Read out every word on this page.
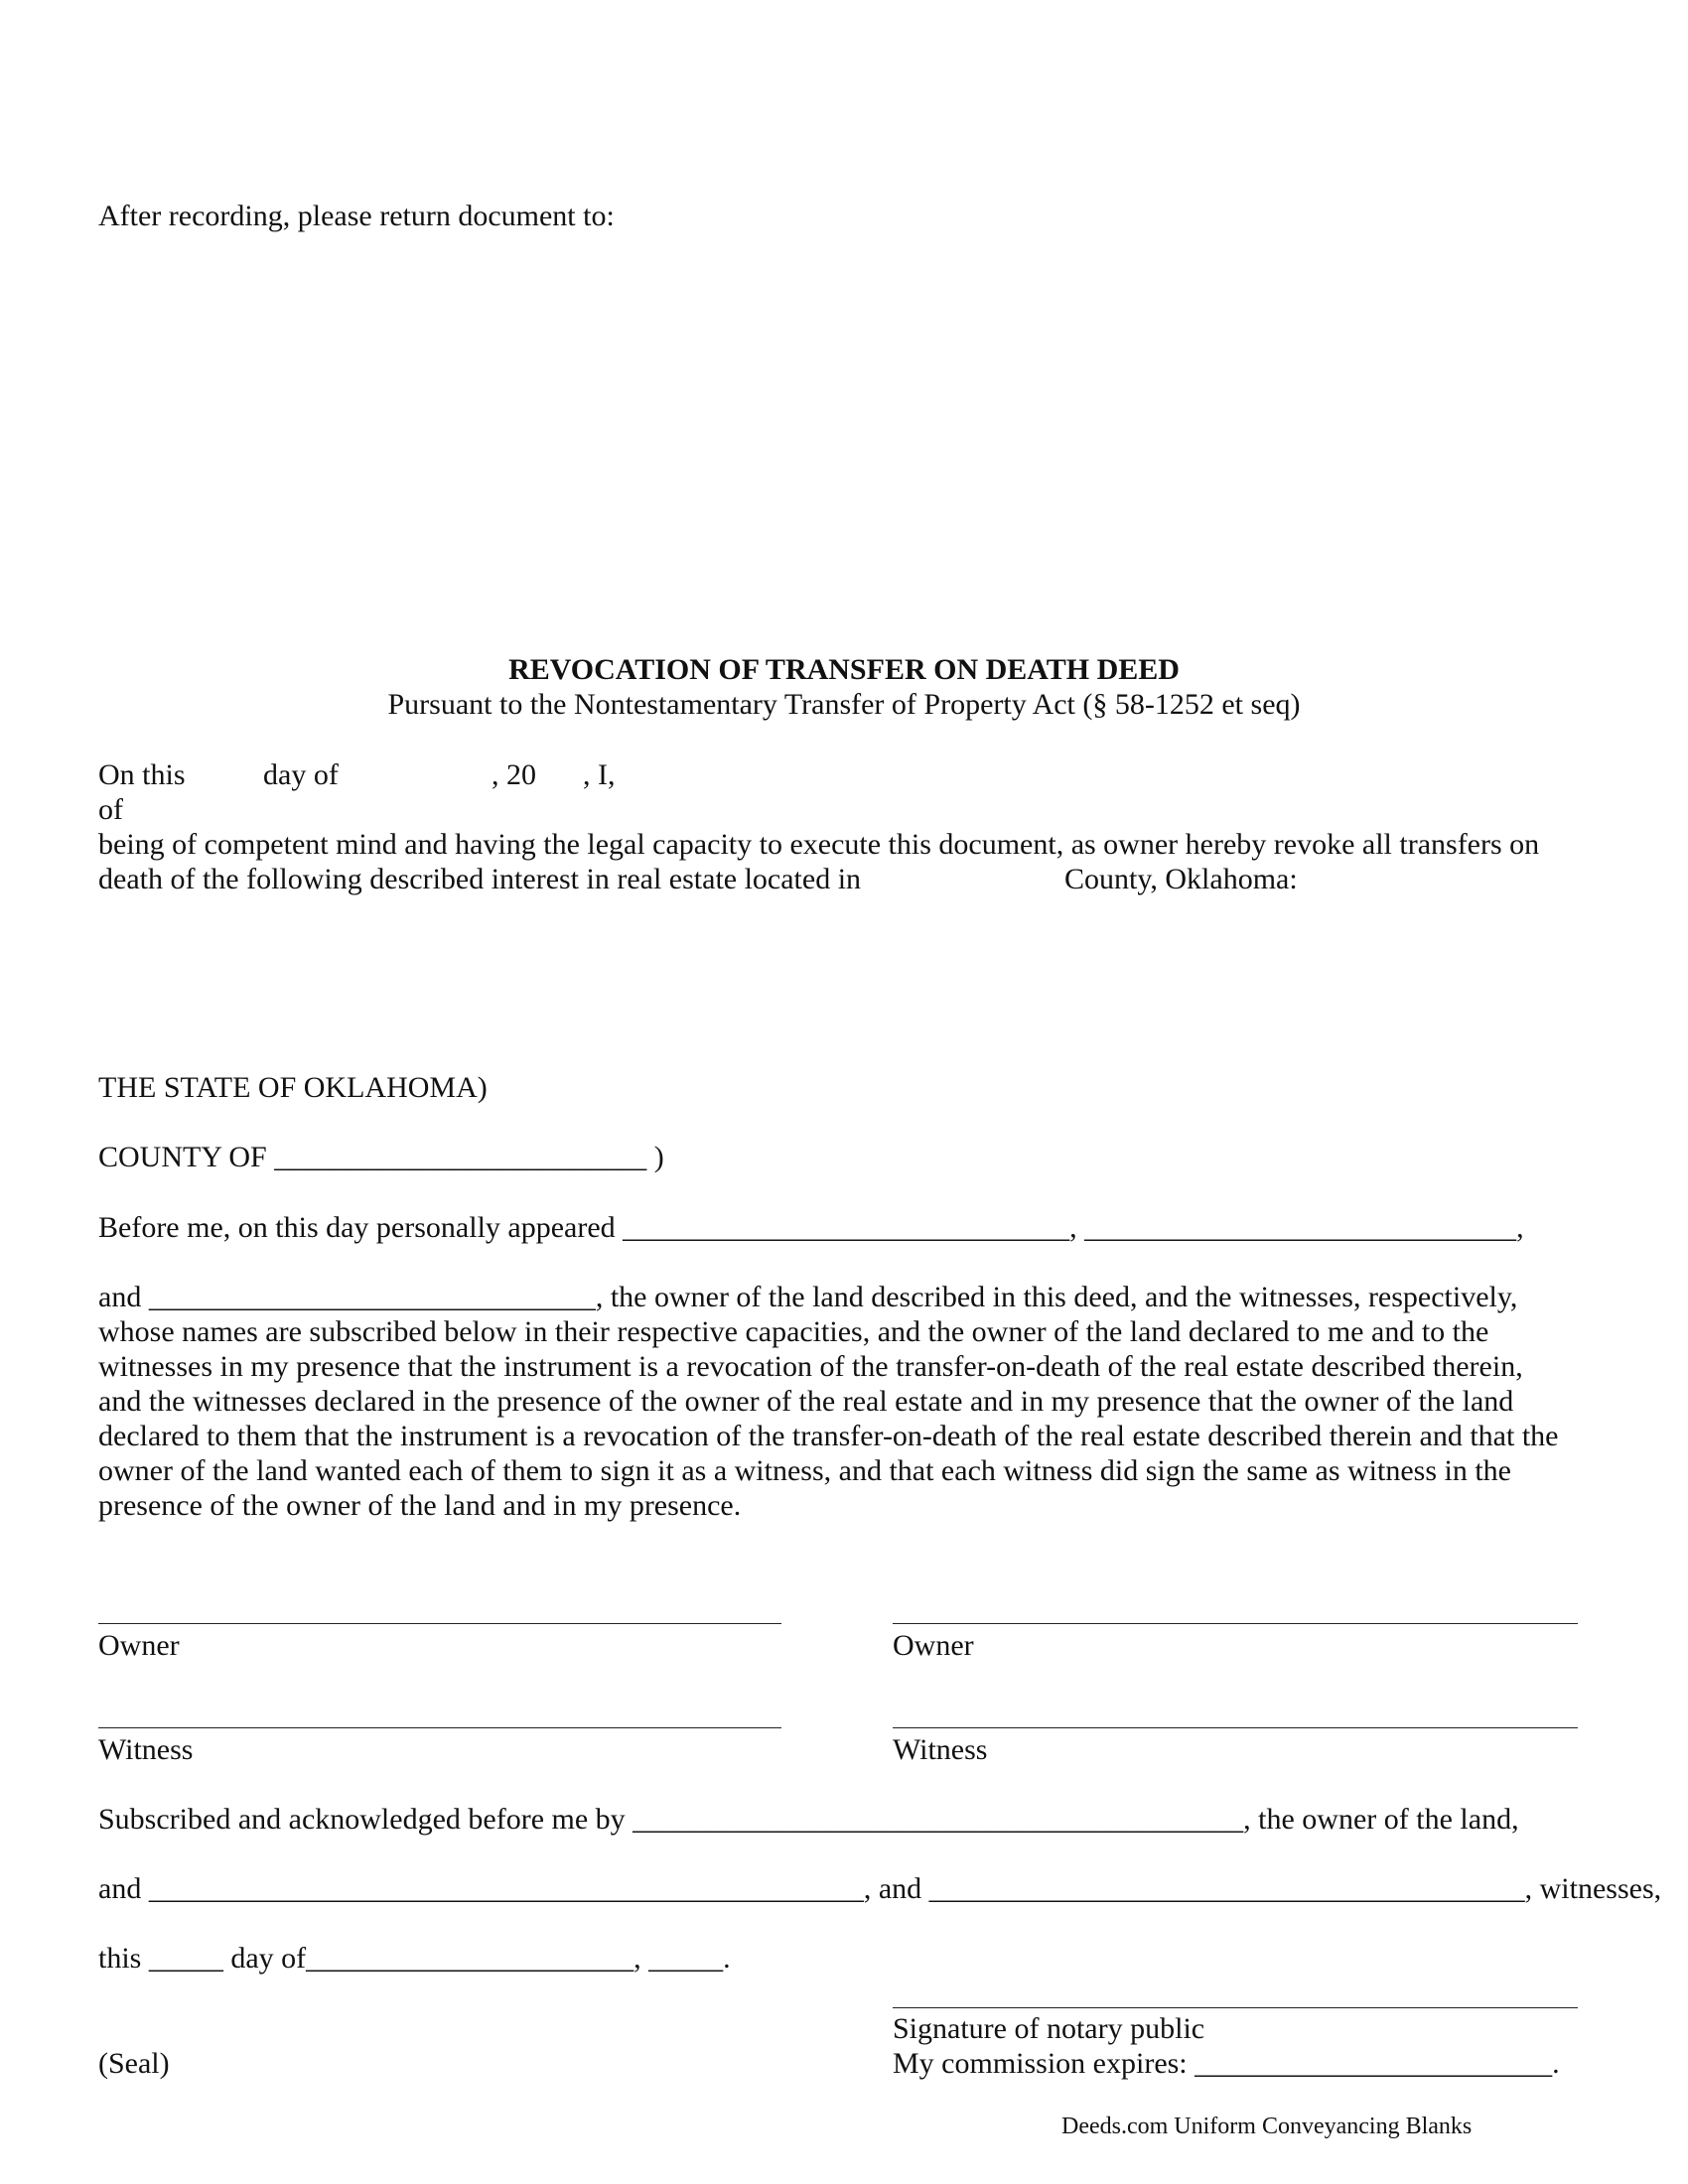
After recording, please return document to:
REVOCATION OF TRANSFER ON DEATH DEED
Pursuant to the Nontestamentary Transfer of Property Act (§ 58-1252 et seq)
On this	day of	, 20 , I,
of
being of competent mind and having the legal capacity to execute this document, as owner hereby revoke all transfers on
death of the following described interest in real estate located in	County, Oklahoma:
THE STATE OF OKLAHOMA)
COUNTY OF _________________________ )
Before me, on this day personally appeared ______________________________, _____________________________,
and ______________________________, the owner of the land described in this deed, and the witnesses, respectively,
whose names are subscribed below in their respective capacities, and the owner of the land declared to me and to the
witnesses in my presence that the instrument is a revocation of the transfer-on-death of the real estate described therein,
and the witnesses declared in the presence of the owner of the real estate and in my presence that the owner of the land
declared to them that the instrument is a revocation of the transfer-on-death of the real estate described therein and that the
owner of the land wanted each of them to sign it as a witness, and that each witness did sign the same as witness in the
presence of the owner of the land and in my presence.
Owner	Owner
Witness	Witness
Subscribed and acknowledged before me by _________________________________________, the owner of the land,
and ________________________________________________, and ________________________________________, witnesses,
this _____ day of______________________, _____.
Signature of notary public
My commission expires: ________________________.
(Seal)
Deeds.com Uniform Conveyancing Blanks
